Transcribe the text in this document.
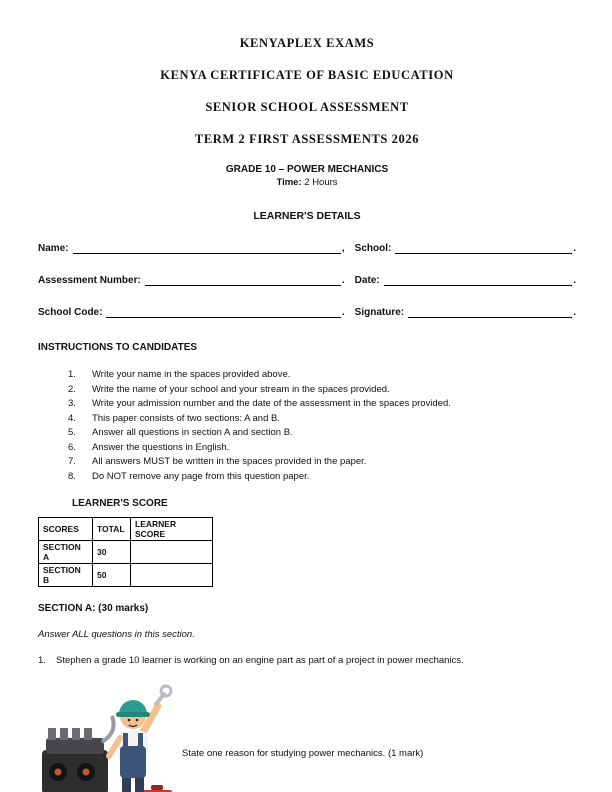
KENYAPLEX EXAMS
KENYA CERTIFICATE OF BASIC EDUCATION
SENIOR SCHOOL ASSESSMENT
TERM 2 FIRST ASSESSMENTS 2026
GRADE 10 – POWER MECHANICS
Time: 2 Hours
LEARNER'S DETAILS
Name:	, School:	.
Assessment Number:	. Date:	.
School Code:	. Signature:	.
INSTRUCTIONS TO CANDIDATES
1.	Write your name in the spaces provided above.
2.	Write the name of your school and your stream in the spaces provided.
3.	Write your admission number and the date of the assessment in the spaces provided.
4.	This paper consists of two sections: A and B.
5.	Answer all questions in section A and section B.
6.	Answer the questions in English.
7.	All answers MUST be written in the spaces provided in the paper.
8.	Do NOT remove any page from this question paper.
LEARNER'S SCORE
SCORES	TOTAL	LEARNER SCORE
SECTION A	30	
SECTION B	50	
SECTION A: (30 marks)
Answer ALL questions in this section.
1.	Stephen a grade 10 learner is working on an engine part as part of a project in power mechanics.
State one reason for studying power mechanics. (1 mark)
